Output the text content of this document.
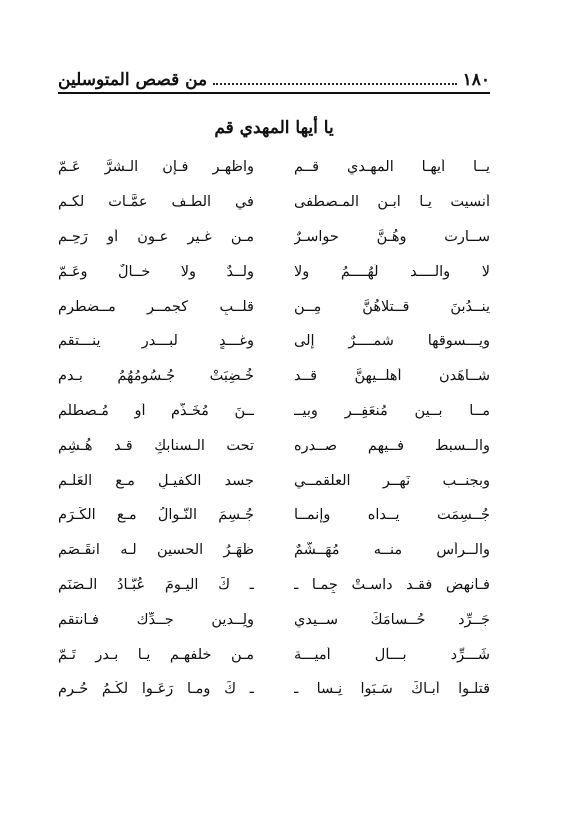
١٨٠
من قصص المتوسلين
يا أيها المهدي قم
يــا أيهـا المهـدي قــم
واظهـر فـإن الـشرَّ عَـمّ
أنسيت يـا ابـن المـصطفى
في الطـف عمَّـات لكـم
ســارت وهُـنَّ حواسـرٌ
مـن غـير عـون أو رَحِـم
لا والــــد لَهُــــمُ ولا
ولــدٌ ولا خــالٌ وعَـمّ
ينــدُبنَ قــتلاهُنَّ مِــن
قلــبٍ كجمــرٍ مــضطرم
ويـــسوقها شمــــرٌ إلى
وغـــدٍ لبـــدرٍ ينـــتقم
شــاهَدن أهلــيهِنَّ قــد
خُـضِبَتْ جُـسُومُهُمُ بـدم
مــا بــين مُنعَفِــرٍ وبيــ
ــنَ مُخَـذَّمٍ أو مُـصطلَم
والــسبط فــيهم صــدره
تحت الـسنابكِ قـد هُـشِم
وبجنــب نَهــرِ العلقمــي
جسد الكفيـلِ مـع العَلَـم
جُــسِمَت يــداه وإنمــا
جُـسِمَ النَّـوالُ مـع الكَـرَم
والــرأس منــه مُهَــشَّمٌ
ظَهَـرُ الحسينِ لـه انقَـصَم
فـانهض فقـد داسـتْ جِمـا ـ
ـ كَ اليـومَ عُبَّـادُ الـصَنَم
جَــرِّد حُــسامَكَ ســيدي
ولِــدينِ جــدِّك فـانتقم
شَـــرِّد بـــآل أميـــة
مـن خلفهـم يـا بـدر تَـمّ
قتلـوا أبـاكَ سَـبَوا نِـسا ـ
ـ كَ ومـا رَعَـوا لَكُـمُ حُـرم
